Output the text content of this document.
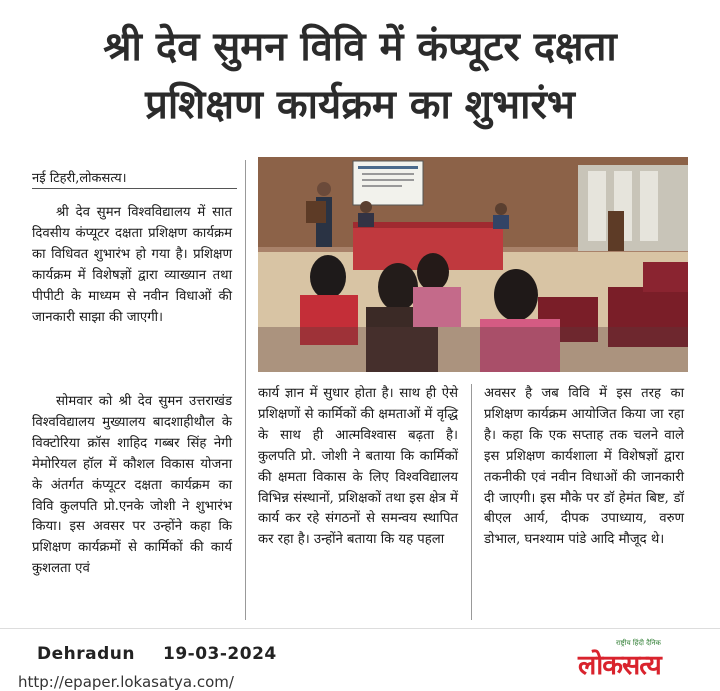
श्री देव सुमन विवि में कंप्यूटर दक्षता
प्रशिक्षण कार्यक्रम का शुभारंभ
नई टिहरी,लोकसत्य।

श्री देव सुमन विश्वविद्यालय में सात दिवसीय कंप्यूटर दक्षता प्रशिक्षण कार्यक्रम का विधिवत शुभारंभ हो गया है। प्रशिक्षण कार्यक्रम में विशेषज्ञों द्वारा व्याख्यान तथा पीपीटी के माध्यम से नवीन विधाओं की जानकारी साझा की जाएगी।

सोमवार को श्री देव सुमन उत्तराखंड विश्वविद्यालय मुख्यालय बादशाहीथौल के विक्टोरिया क्रॉस शाहिद गब्बर सिंह नेगी मेमोरियल हॉल में कौशल विकास योजना के अंतर्गत कंप्यूटर दक्षता कार्यक्रम का विवि कुलपति प्रो.एनके जोशी ने शुभारंभ किया। इस अवसर पर उन्होंने कहा कि प्रशिक्षण कार्यक्रमों से कार्मिकों की कार्य कुशलता एवं

कार्य ज्ञान में सुधार होता है। साथ ही ऐसे प्रशिक्षणों से कार्मिकों की क्षमताओं में वृद्धि के साथ ही आत्मविश्वास बढ़ता है। कुलपति प्रो. जोशी ने बताया कि कार्मिकों की क्षमता विकास के लिए विश्वविद्यालय विभिन्न संस्थानों, प्रशिक्षकों तथा इस क्षेत्र में कार्य कर रहे संगठनों से समन्वय स्थापित कर रहा है। उन्होंने बताया कि यह पहला

अवसर है जब विवि में इस तरह का प्रशिक्षण कार्यक्रम आयोजित किया जा रहा है। कहा कि एक सप्ताह तक चलने वाले इस प्रशिक्षण कार्यशाला में विशेषज्ञों द्वारा तकनीकी एवं नवीन विधाओं की जानकारी दी जाएगी। इस मौके पर डॉ हेमंत बिष्ट, डॉ बीएल आर्य, दीपक उपाध्याय, वरुण डोभाल, घनश्याम पांडे आदि मौजूद थे।

Dehradun 19-03-2024
http://epaper.lokasatya.com/
राष्ट्रीय हिंदी दैनिक
लोकसत्य
